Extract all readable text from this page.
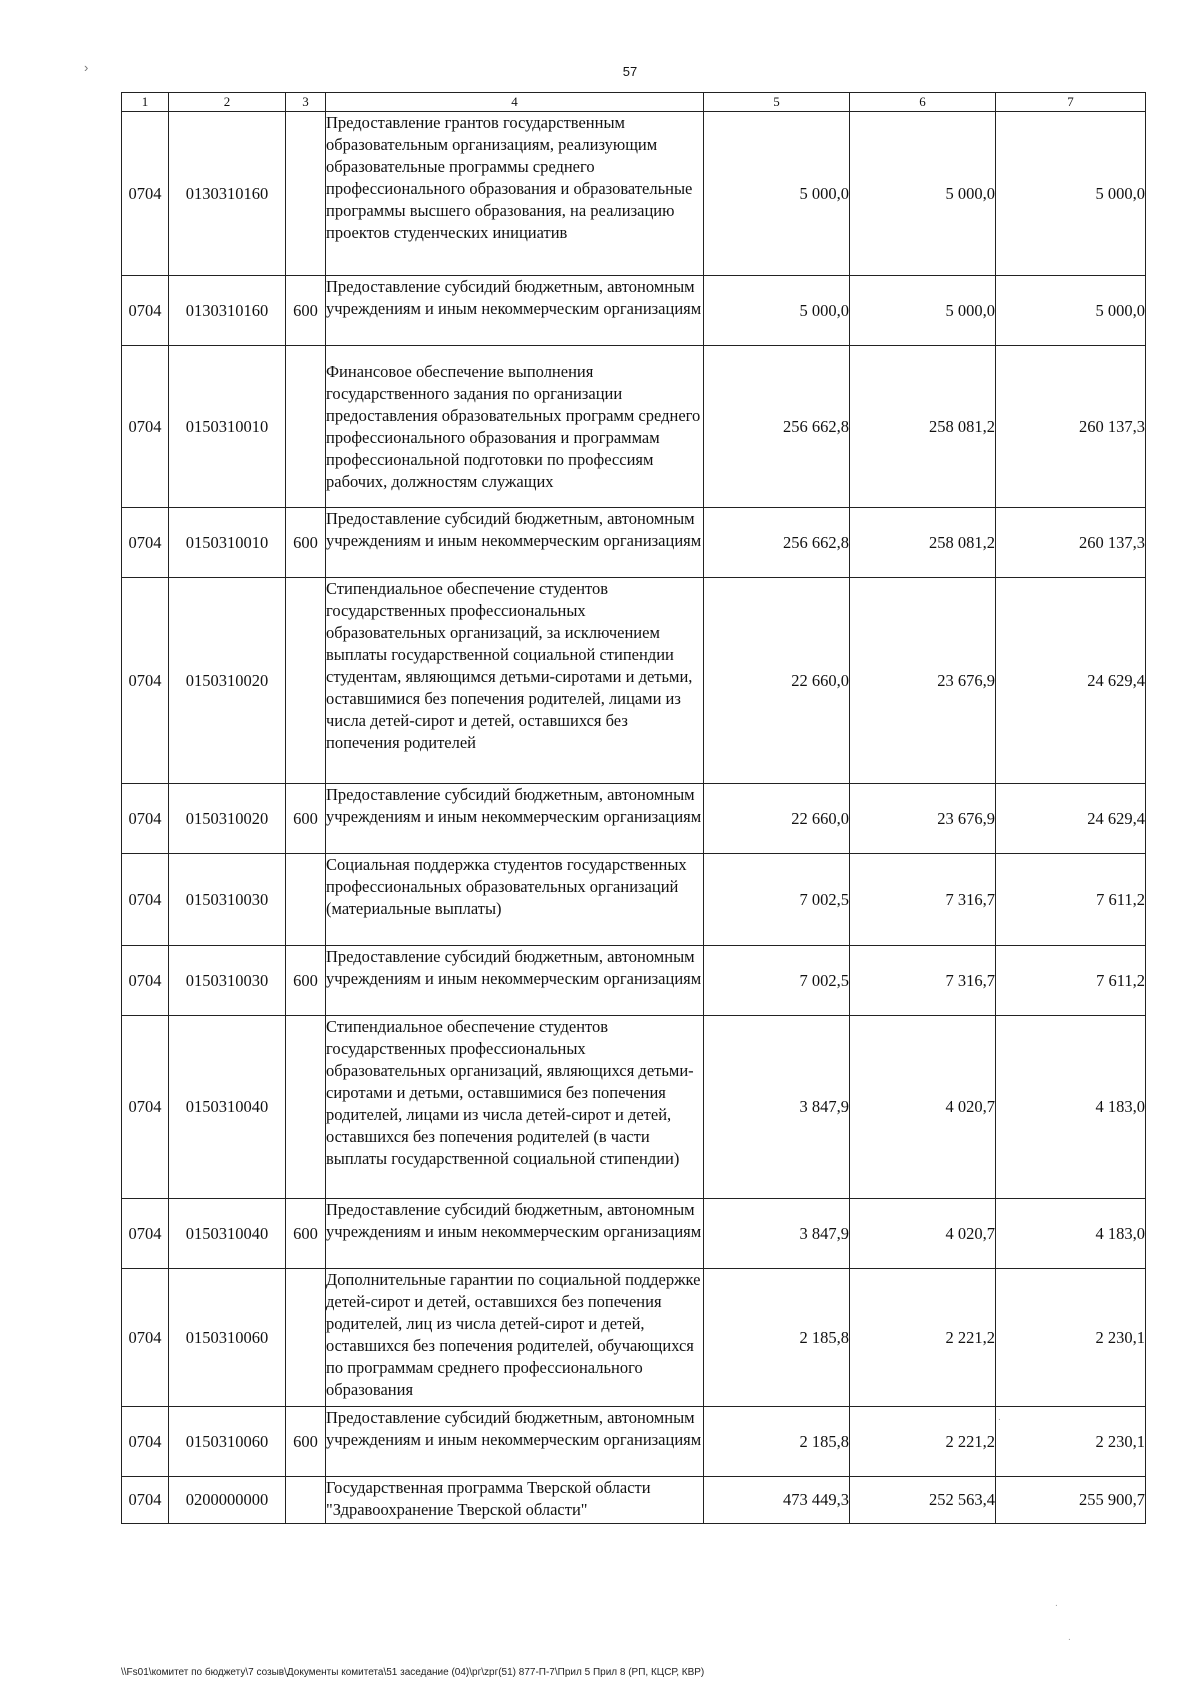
›	57
1	2	3	4	5	6	7
0704	0130310160		Предоставление грантов государственным образовательным организациям, реализующим образовательные программы среднего профессионального образования и образовательные программы высшего образования, на реализацию проектов студенческих инициатив	5 000,0	5 000,0	5 000,0
0704	0130310160	600	Предоставление субсидий бюджетным, автономным учреждениям и иным некоммерческим организациям	5 000,0	5 000,0	5 000,0
0704	0150310010		Финансовое обеспечение выполнения государственного задания по организации предоставления образовательных программ среднего профессионального образования и программам профессиональной подготовки по профессиям рабочих, должностям служащих	256 662,8	258 081,2	260 137,3
0704	0150310010	600	Предоставление субсидий бюджетным, автономным учреждениям и иным некоммерческим организациям	256 662,8	258 081,2	260 137,3
0704	0150310020		Стипендиальное обеспечение студентов государственных профессиональных образовательных организаций, за исключением выплаты государственной социальной стипендии студентам, являющимся детьми-сиротами и детьми, оставшимися без попечения родителей, лицами из числа детей-сирот и детей, оставшихся без попечения родителей	22 660,0	23 676,9	24 629,4
0704	0150310020	600	Предоставление субсидий бюджетным, автономным учреждениям и иным некоммерческим организациям	22 660,0	23 676,9	24 629,4
0704	0150310030		Социальная поддержка студентов государственных профессиональных образовательных организаций (материальные выплаты)	7 002,5	7 316,7	7 611,2
0704	0150310030	600	Предоставление субсидий бюджетным, автономным учреждениям и иным некоммерческим организациям	7 002,5	7 316,7	7 611,2
0704	0150310040		Стипендиальное обеспечение студентов государственных профессиональных образовательных организаций, являющихся детьми-сиротами и детьми, оставшимися без попечения родителей, лицами из числа детей-сирот и детей, оставшихся без попечения родителей (в части выплаты государственной социальной стипендии)	3 847,9	4 020,7	4 183,0
0704	0150310040	600	Предоставление субсидий бюджетным, автономным учреждениям и иным некоммерческим организациям	3 847,9	4 020,7	4 183,0
0704	0150310060		Дополнительные гарантии по социальной поддержке детей-сирот и детей, оставшихся без попечения родителей, лиц из числа детей-сирот и детей, оставшихся без попечения родителей, обучающихся по программам среднего профессионального образования	2 185,8	2 221,2	2 230,1
0704	0150310060	600	Предоставление субсидий бюджетным, автономным учреждениям и иным некоммерческим организациям	2 185,8	2 221,2	2 230,1
0704	0200000000		Государственная программа Тверской области "Здравоохранение Тверской области"	473 449,3	252 563,4	255 900,7
.
.
.
\\Fs01\комитет по бюджету\7 созыв\Документы комитета\51 заседание (04)\рг\zрг(51) 877-П-7\Прил 5 Прил 8 (РП, КЦСР, КВР)
